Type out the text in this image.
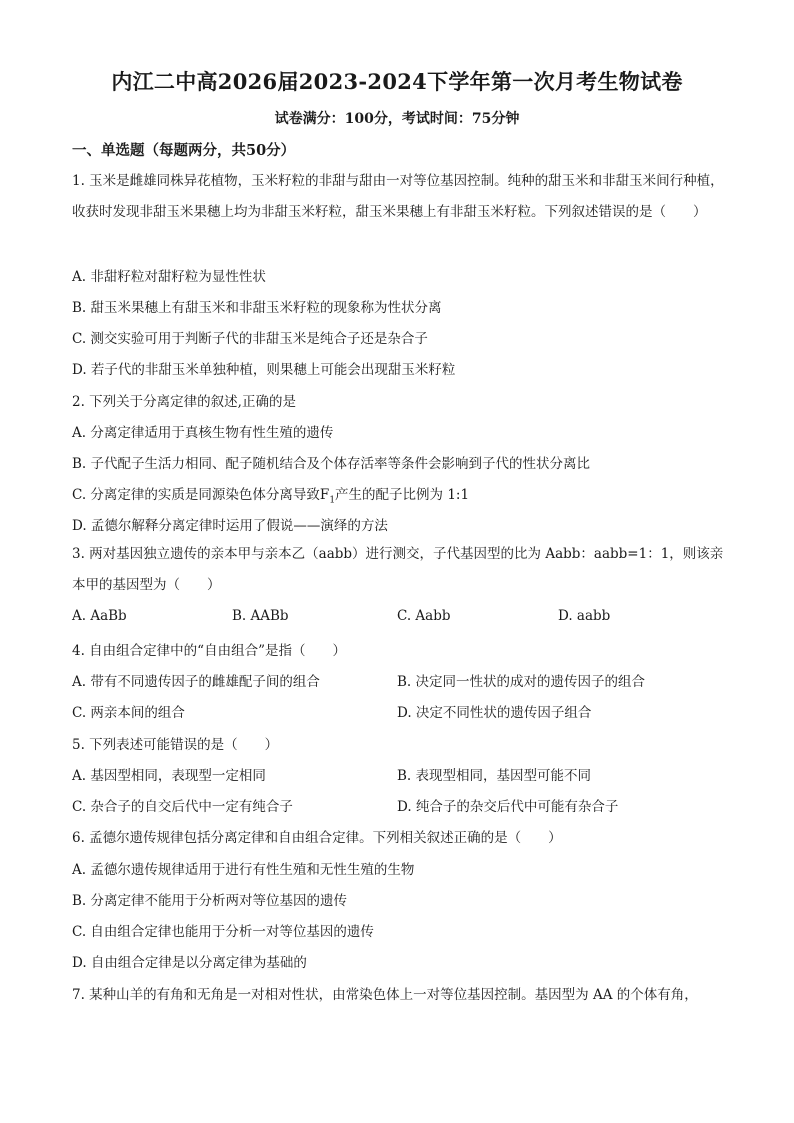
内江二中高2026届2023-2024下学年第一次月考生物试卷
试卷满分：100分，考试时间：75分钟
一、单选题（每题两分，共50分）
1. 玉米是雌雄同株异花植物，玉米籽粒的非甜与甜由一对等位基因控制。纯种的甜玉米和非甜玉米间行种植，收获时发现非甜玉米果穗上均为非甜玉米籽粒，甜玉米果穗上有非甜玉米籽粒。下列叙述错误的是（　　）
A. 非甜籽粒对甜籽粒为显性性状
B. 甜玉米果穗上有甜玉米和非甜玉米籽粒的现象称为性状分离
C. 测交实验可用于判断子代的非甜玉米是纯合子还是杂合子
D. 若子代的非甜玉米单独种植，则果穗上可能会出现甜玉米籽粒
2. 下列关于分离定律的叙述,正确的是
A. 分离定律适用于真核生物有性生殖的遗传
B. 子代配子生活力相同、配子随机结合及个体存活率等条件会影响到子代的性状分离比
C. 分离定律的实质是同源染色体分离导致$F_1$产生的配子比例为 1:1
D. 孟德尔解释分离定律时运用了假说——演绎的方法
3. 两对基因独立遗传的亲本甲与亲本乙（aabb）进行测交，子代基因型的比为 Aabb：aabb=1：1，则该亲本甲的基因型为（　　）
A. AaBb	B. AABb	C. Aabb	D. aabb
4. 自由组合定律中的“自由组合”是指（　　）
A. 带有不同遗传因子的雌雄配子间的组合	B. 决定同一性状的成对的遗传因子的组合
C. 两亲本间的组合	D. 决定不同性状的遗传因子组合
5. 下列表述可能错误的是（　　）
A. 基因型相同，表现型一定相同	B. 表现型相同，基因型可能不同
C. 杂合子的自交后代中一定有纯合子	D. 纯合子的杂交后代中可能有杂合子
6. 孟德尔遗传规律包括分离定律和自由组合定律。下列相关叙述正确的是（　　）
A. 孟德尔遗传规律适用于进行有性生殖和无性生殖的生物
B. 分离定律不能用于分析两对等位基因的遗传
C. 自由组合定律也能用于分析一对等位基因的遗传
D. 自由组合定律是以分离定律为基础的
7. 某种山羊的有角和无角是一对相对性状，由常染色体上一对等位基因控制。基因型为 AA 的个体有角，
